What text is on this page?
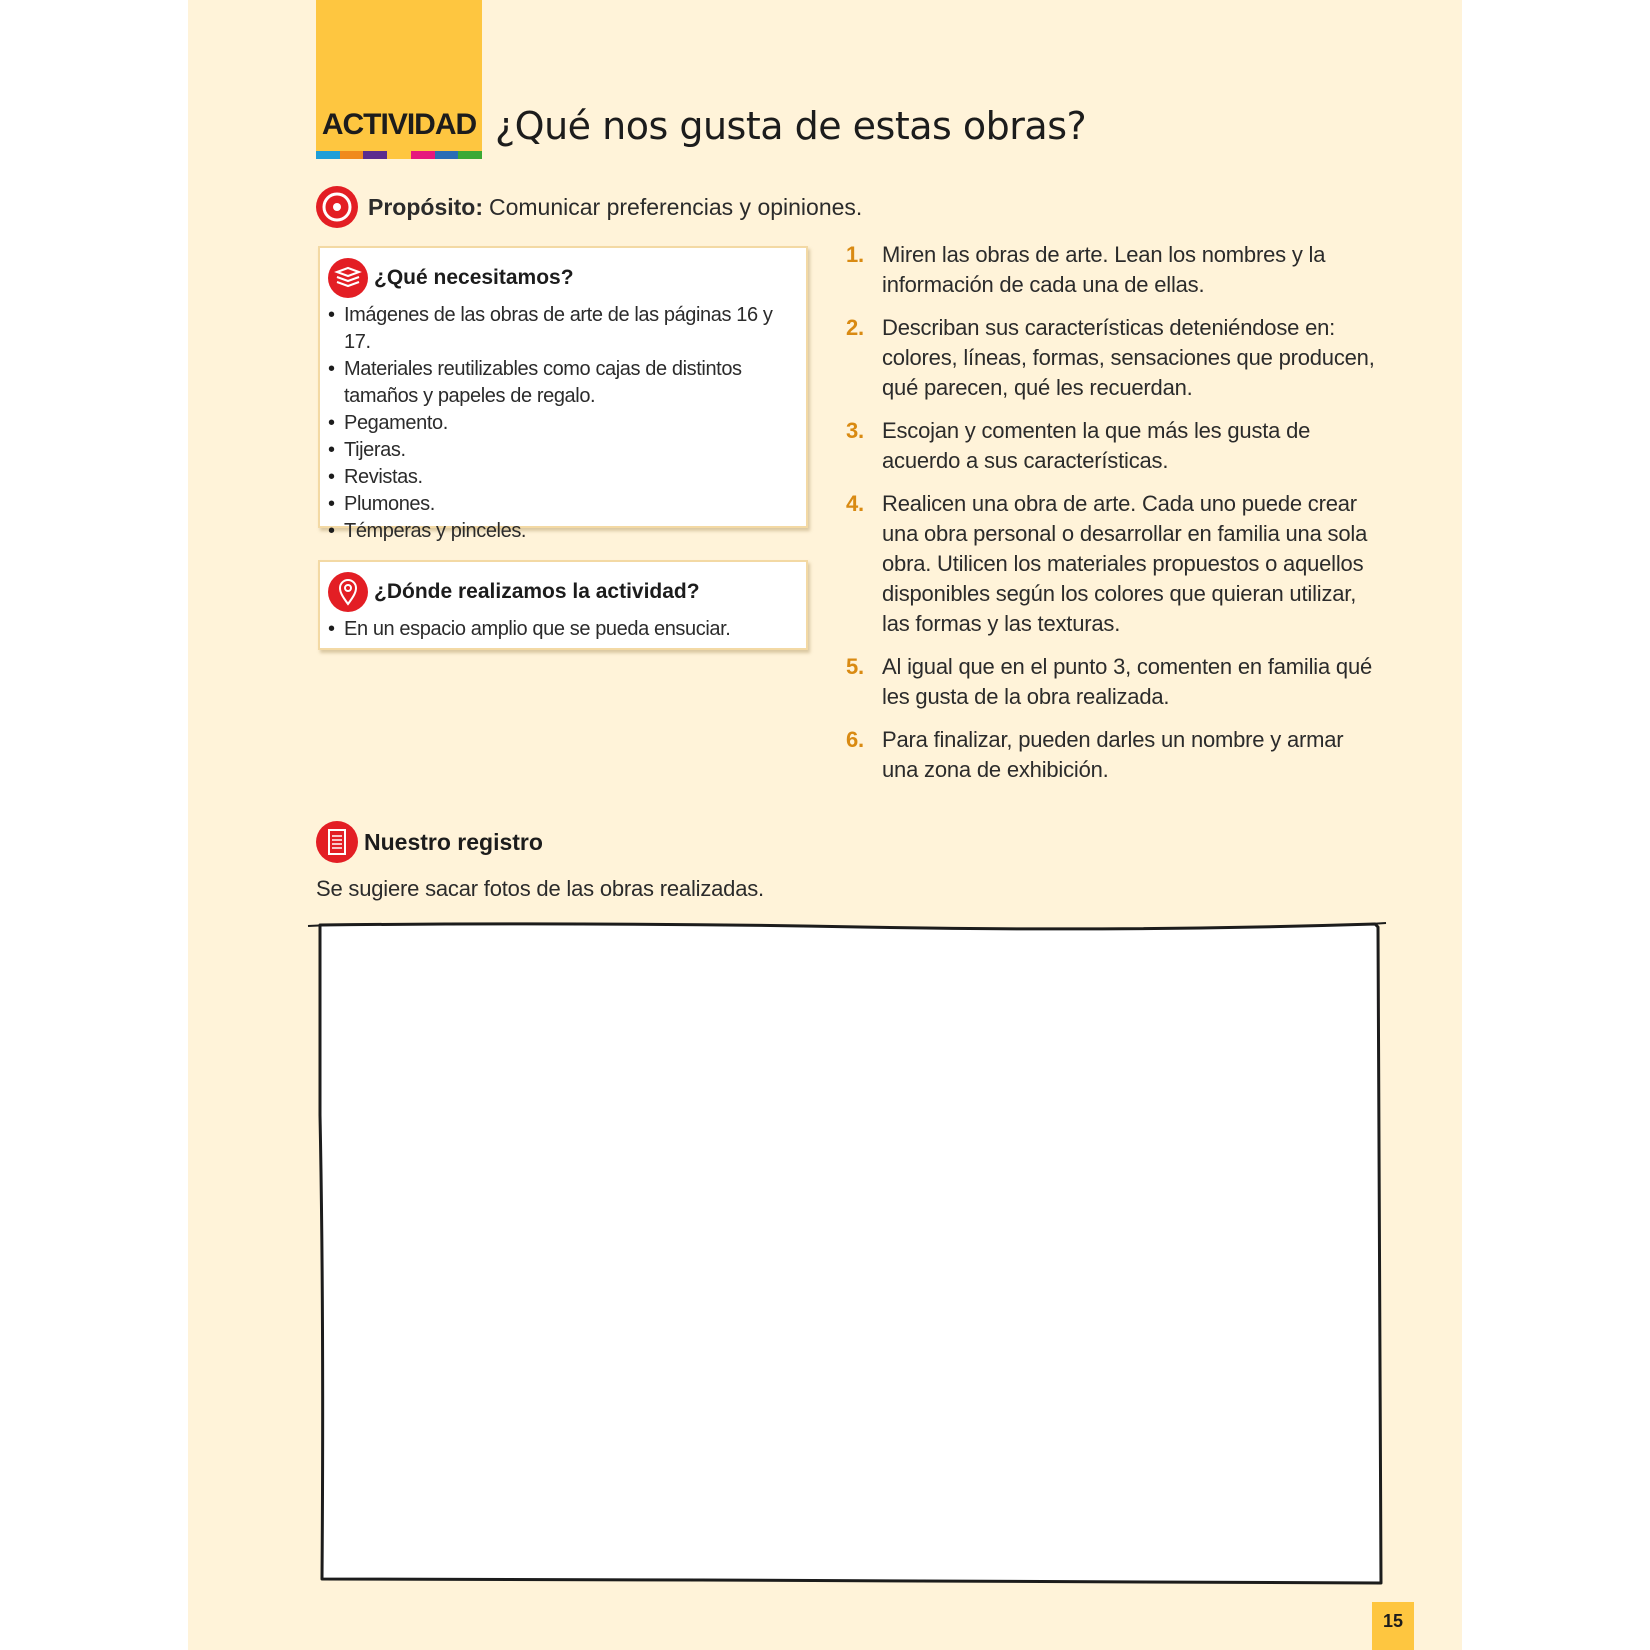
ACTIVIDAD ¿Qué nos gusta de estas obras?
Propósito: Comunicar preferencias y opiniones.
¿Qué necesitamos?
• Imágenes de las obras de arte de las páginas 16 y 17.
• Materiales reutilizables como cajas de distintos tamaños y papeles de regalo.
• Pegamento.
• Tijeras.
• Revistas.
• Plumones.
• Témperas y pinceles.
¿Dónde realizamos la actividad?
• En un espacio amplio que se pueda ensuciar.
1. Miren las obras de arte. Lean los nombres y la información de cada una de ellas.
2. Describan sus características deteniéndose en: colores, líneas, formas, sensaciones que producen, qué parecen, qué les recuerdan.
3. Escojan y comenten la que más les gusta de acuerdo a sus características.
4. Realicen una obra de arte. Cada uno puede crear una obra personal o desarrollar en familia una sola obra. Utilicen los materiales propuestos o aquellos disponibles según los colores que quieran utilizar, las formas y las texturas.
5. Al igual que en el punto 3, comenten en familia qué les gusta de la obra realizada.
6. Para finalizar, pueden darles un nombre y armar una zona de exhibición.
Nuestro registro
Se sugiere sacar fotos de las obras realizadas.
15
